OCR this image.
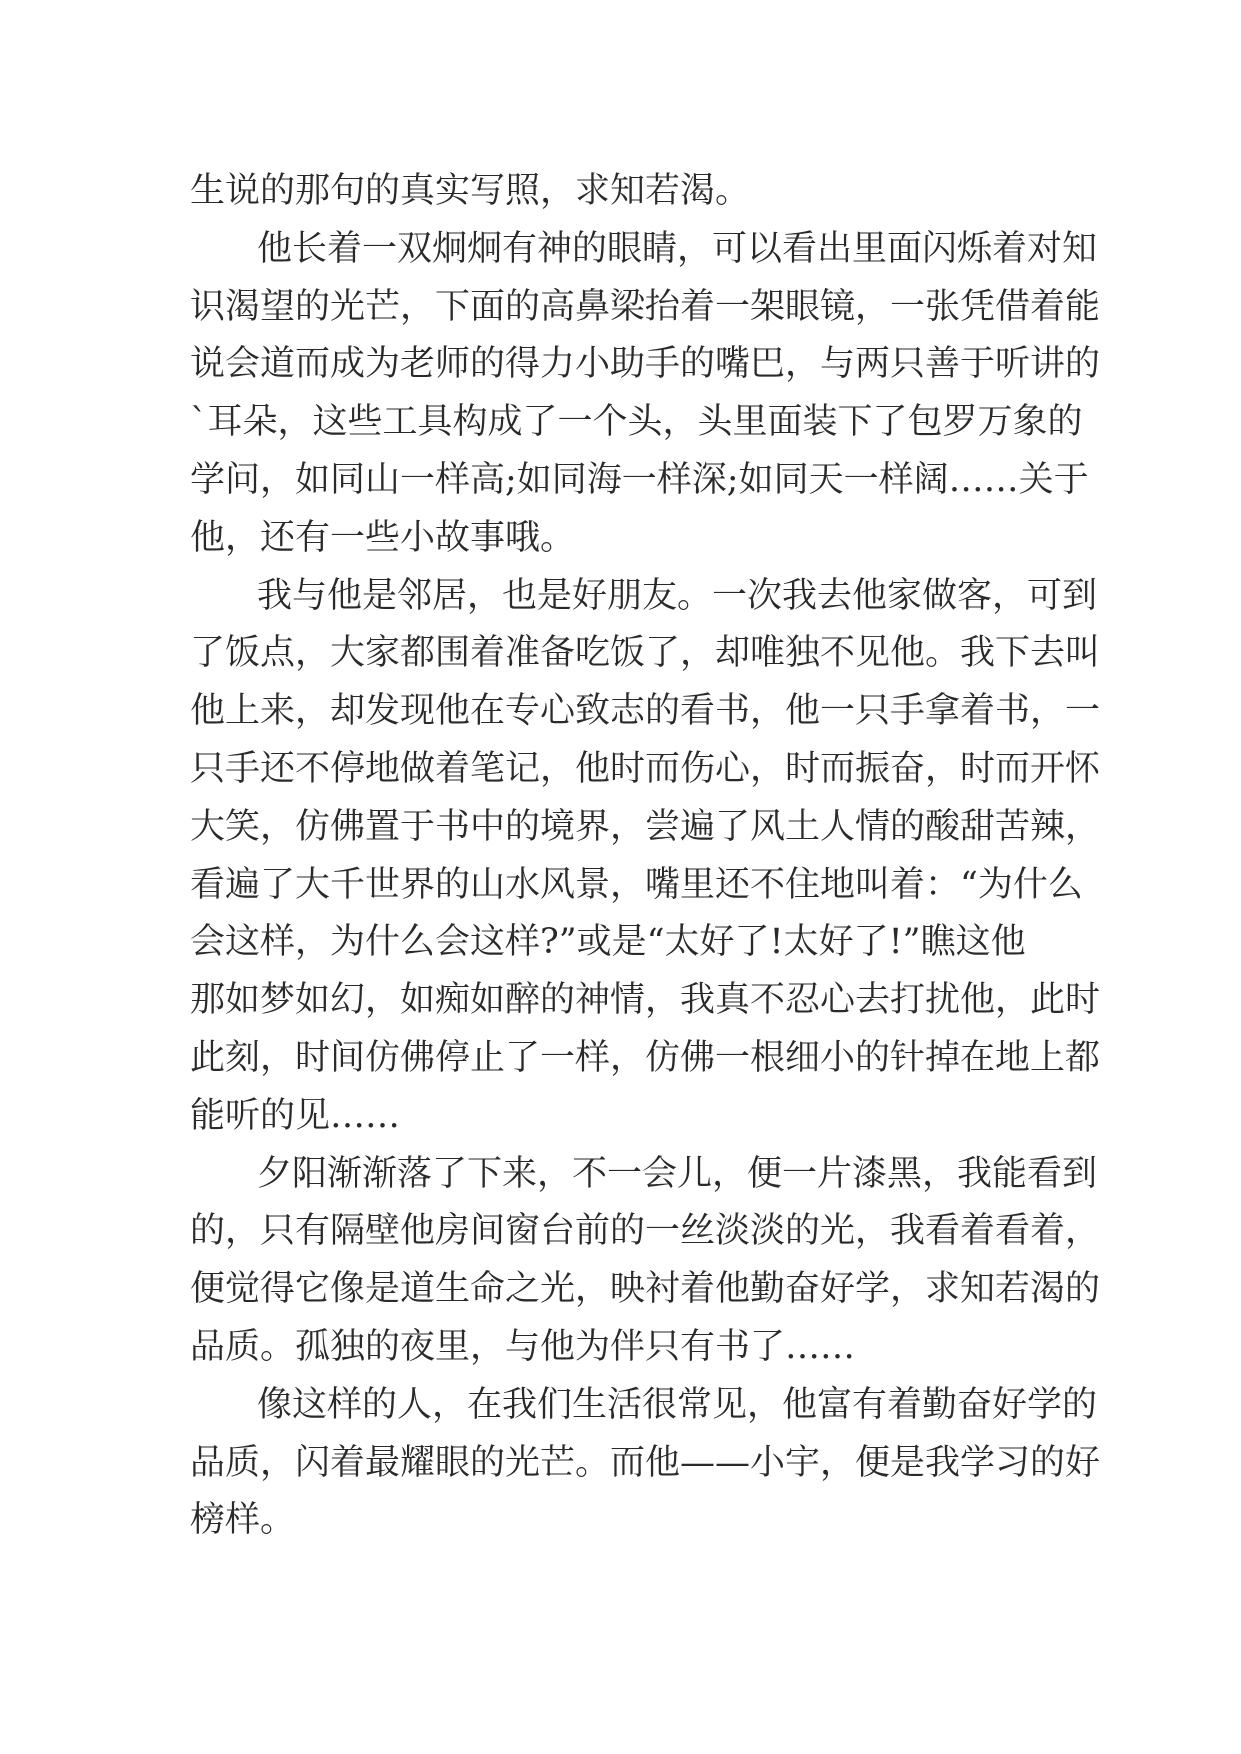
生说的那句的真实写照，求知若渴。
他长着一双炯炯有神的眼睛，可以看出里面闪烁着对知
识渴望的光芒，下面的高鼻梁抬着一架眼镜，一张凭借着能
说会道而成为老师的得力小助手的嘴巴，与两只善于听讲的
`耳朵，这些工具构成了一个头，头里面装下了包罗万象的
学问，如同山一样高;如同海一样深;如同天一样阔……关于
他，还有一些小故事哦。
我与他是邻居，也是好朋友。一次我去他家做客，可到
了饭点，大家都围着准备吃饭了，却唯独不见他。我下去叫
他上来，却发现他在专心致志的看书，他一只手拿着书，一
只手还不停地做着笔记，他时而伤心，时而振奋，时而开怀
大笑，仿佛置于书中的境界，尝遍了风土人情的酸甜苦辣，
看遍了大千世界的山水风景，嘴里还不住地叫着：“为什么
会这样，为什么会这样?”或是“太好了!太好了!”瞧这他
那如梦如幻，如痴如醉的神情，我真不忍心去打扰他，此时
此刻，时间仿佛停止了一样，仿佛一根细小的针掉在地上都
能听的见……
夕阳渐渐落了下来，不一会儿，便一片漆黑，我能看到
的，只有隔壁他房间窗台前的一丝淡淡的光，我看着看着，
便觉得它像是道生命之光，映衬着他勤奋好学，求知若渴的
品质。孤独的夜里，与他为伴只有书了……
像这样的人，在我们生活很常见，他富有着勤奋好学的
品质，闪着最耀眼的光芒。而他——小宇，便是我学习的好
榜样。
